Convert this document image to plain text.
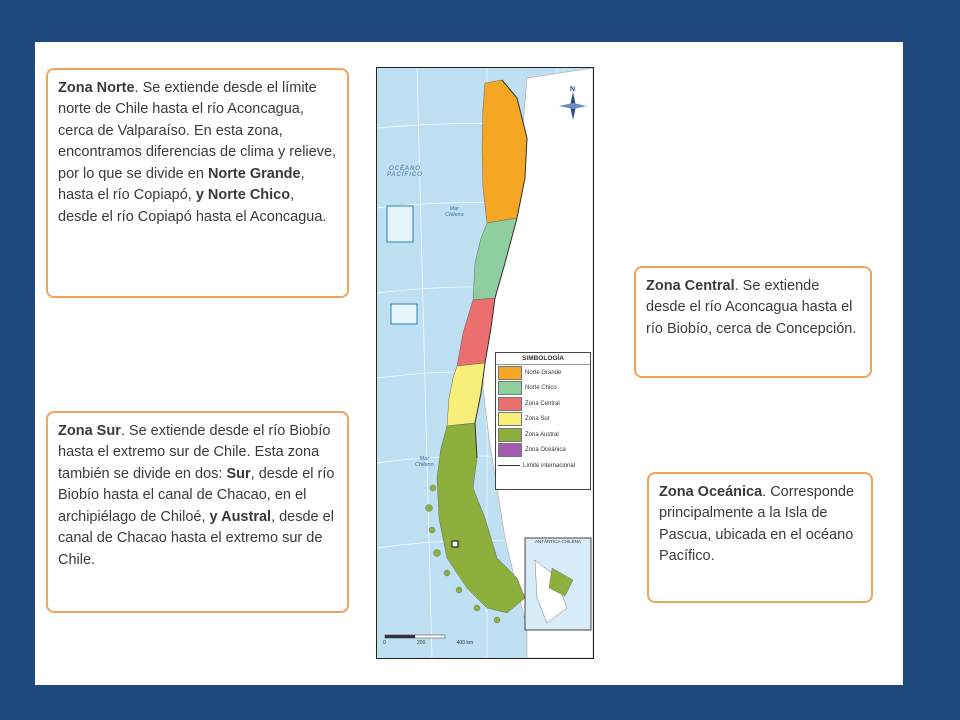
Zona Norte. Se extiende desde el límite norte de Chile hasta el río Aconcagua, cerca de Valparaíso. En esta zona, encontramos diferencias de clima y relieve, por lo que se divide en Norte Grande, hasta el río Copiapó, y Norte Chico, desde el río Copiapó hasta el Aconcagua.
Zona Sur. Se extiende desde el río Biobío hasta el extremo sur de Chile. Esta zona también se divide en dos: Sur, desde el río Biobío hasta el canal de Chacao, en el archipiélago de Chiloé, y Austral, desde el canal de Chacao hasta el extremo sur de Chile.
Zona Central. Se extiende desde el río Aconcagua hasta el río Biobío, cerca de Concepción.
Zona Oceánica. Corresponde principalmente a la Isla de Pascua, ubicada en el océano Pacífico.
OCÉANO
PACÍFICO
Mar
Chileno
Mar
Chileno
N
ANTÁRTICA CHILENA
0	200	400 km
SIMBOLOGÍA
Norte Grande
Norte Chico
Zona Central
Zona Sur
Zona Austral
Zona Oceánica
Límite internacional
